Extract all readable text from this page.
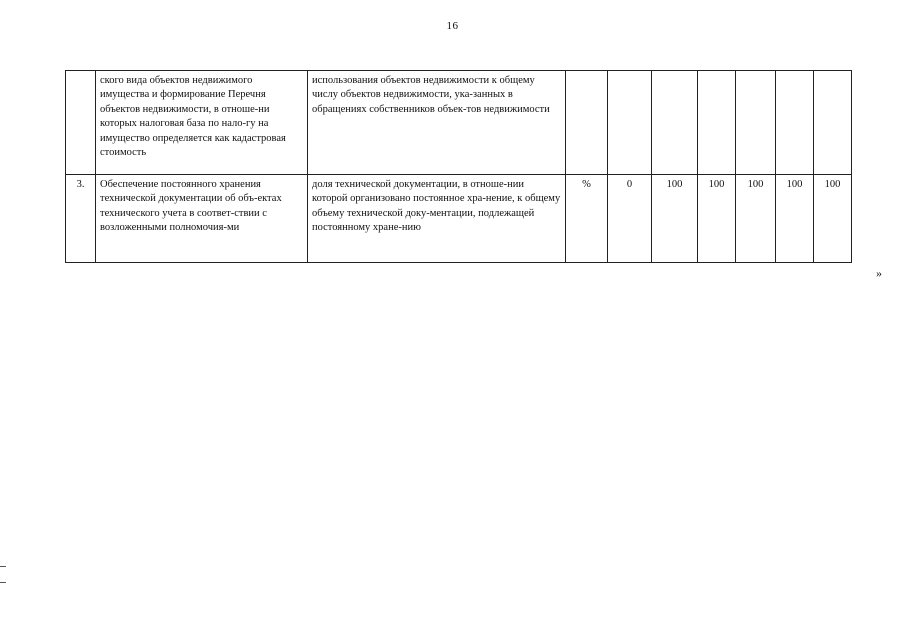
16
	ского вида объектов недвижимого имущества и формирование Перечня объектов недвижимости, в отноше-ни которых налоговая база по нало-гу на имущество определяется как кадастровая стоимость	использования объектов недвижимости к общему числу объектов недвижимости, ука-занных в обращениях собственников объек-тов недвижимости							
3.	Обеспечение постоянного хранения технической документации об объ-ектах технического учета в соответ-ствии с возложенными полномочия-ми	доля технической документации, в отноше-нии которой организовано постоянное хра-нение, к общему объему технической доку-ментации, подлежащей постоянному хране-нию	%	0	100	100	100	100	100
»
